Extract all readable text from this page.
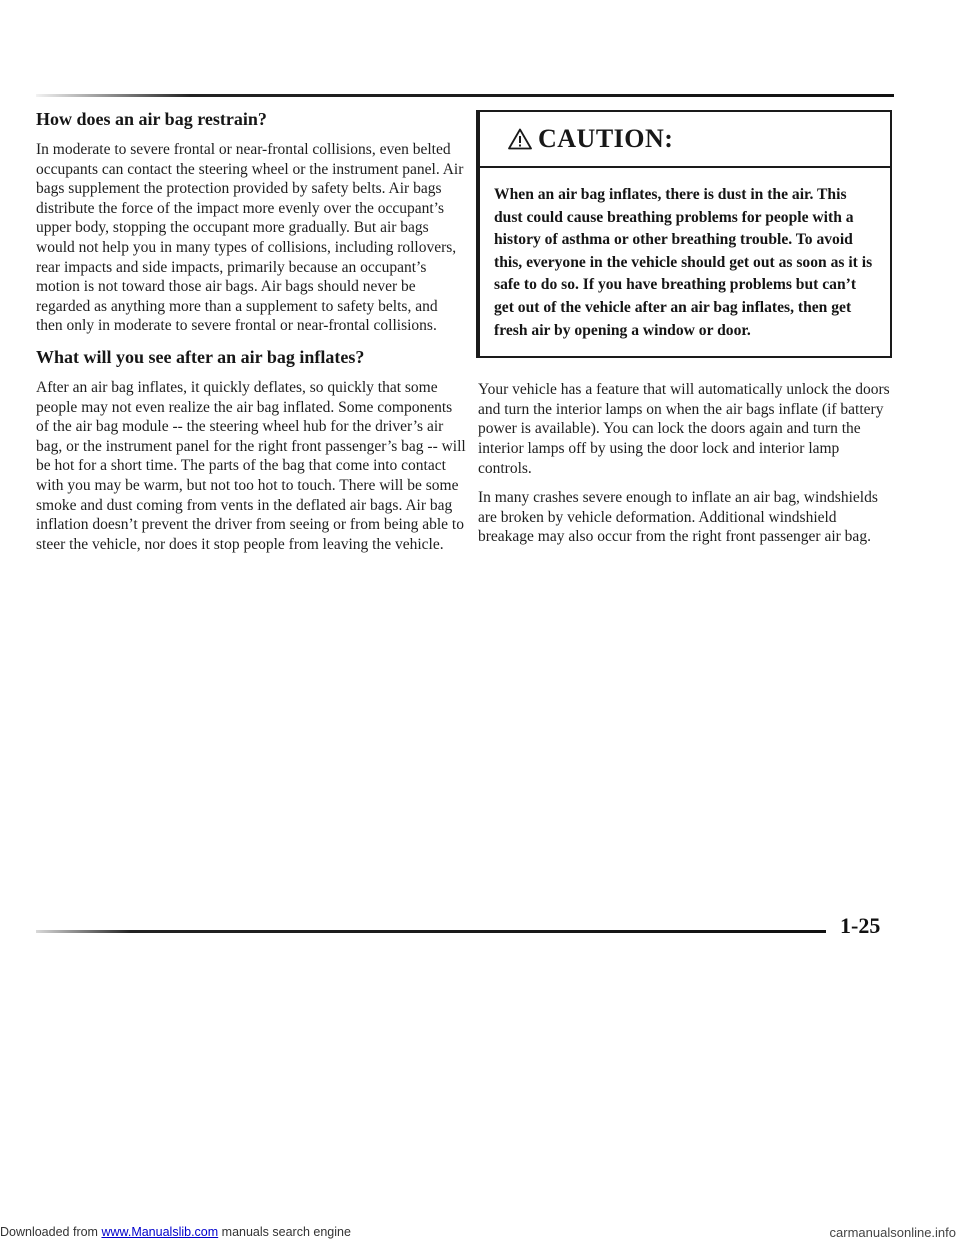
How does an air bag restrain?

In moderate to severe frontal or near-frontal collisions, even belted occupants can contact the steering wheel or the instrument panel. Air bags supplement the protection provided by safety belts. Air bags distribute the force of the impact more evenly over the occupant’s upper body, stopping the occupant more gradually. But air bags would not help you in many types of collisions, including rollovers, rear impacts and side impacts, primarily because an occupant’s motion is not toward those air bags. Air bags should never be regarded as anything more than a supplement to safety belts, and then only in moderate to severe frontal or near-frontal collisions.

What will you see after an air bag inflates?

After an air bag inflates, it quickly deflates, so quickly that some people may not even realize the air bag inflated. Some components of the air bag module -- the steering wheel hub for the driver’s air bag, or the instrument panel for the right front passenger’s bag -- will be hot for a short time. The parts of the bag that come into contact with you may be warm, but not too hot to touch. There will be some smoke and dust coming from vents in the deflated air bags. Air bag inflation doesn’t prevent the driver from seeing or from being able to steer the vehicle, nor does it stop people from leaving the vehicle.

CAUTION:
When an air bag inflates, there is dust in the air. This dust could cause breathing problems for people with a history of asthma or other breathing trouble. To avoid this, everyone in the vehicle should get out as soon as it is safe to do so. If you have breathing problems but can’t get out of the vehicle after an air bag inflates, then get fresh air by opening a window or door.

Your vehicle has a feature that will automatically unlock the doors and turn the interior lamps on when the air bags inflate (if battery power is available). You can lock the doors again and turn the interior lamps off by using the door lock and interior lamp controls.

In many crashes severe enough to inflate an air bag, windshields are broken by vehicle deformation. Additional windshield breakage may also occur from the right front passenger air bag.

1-25
Downloaded from www.Manualslib.com manuals search engine	carmanualsonline.info
